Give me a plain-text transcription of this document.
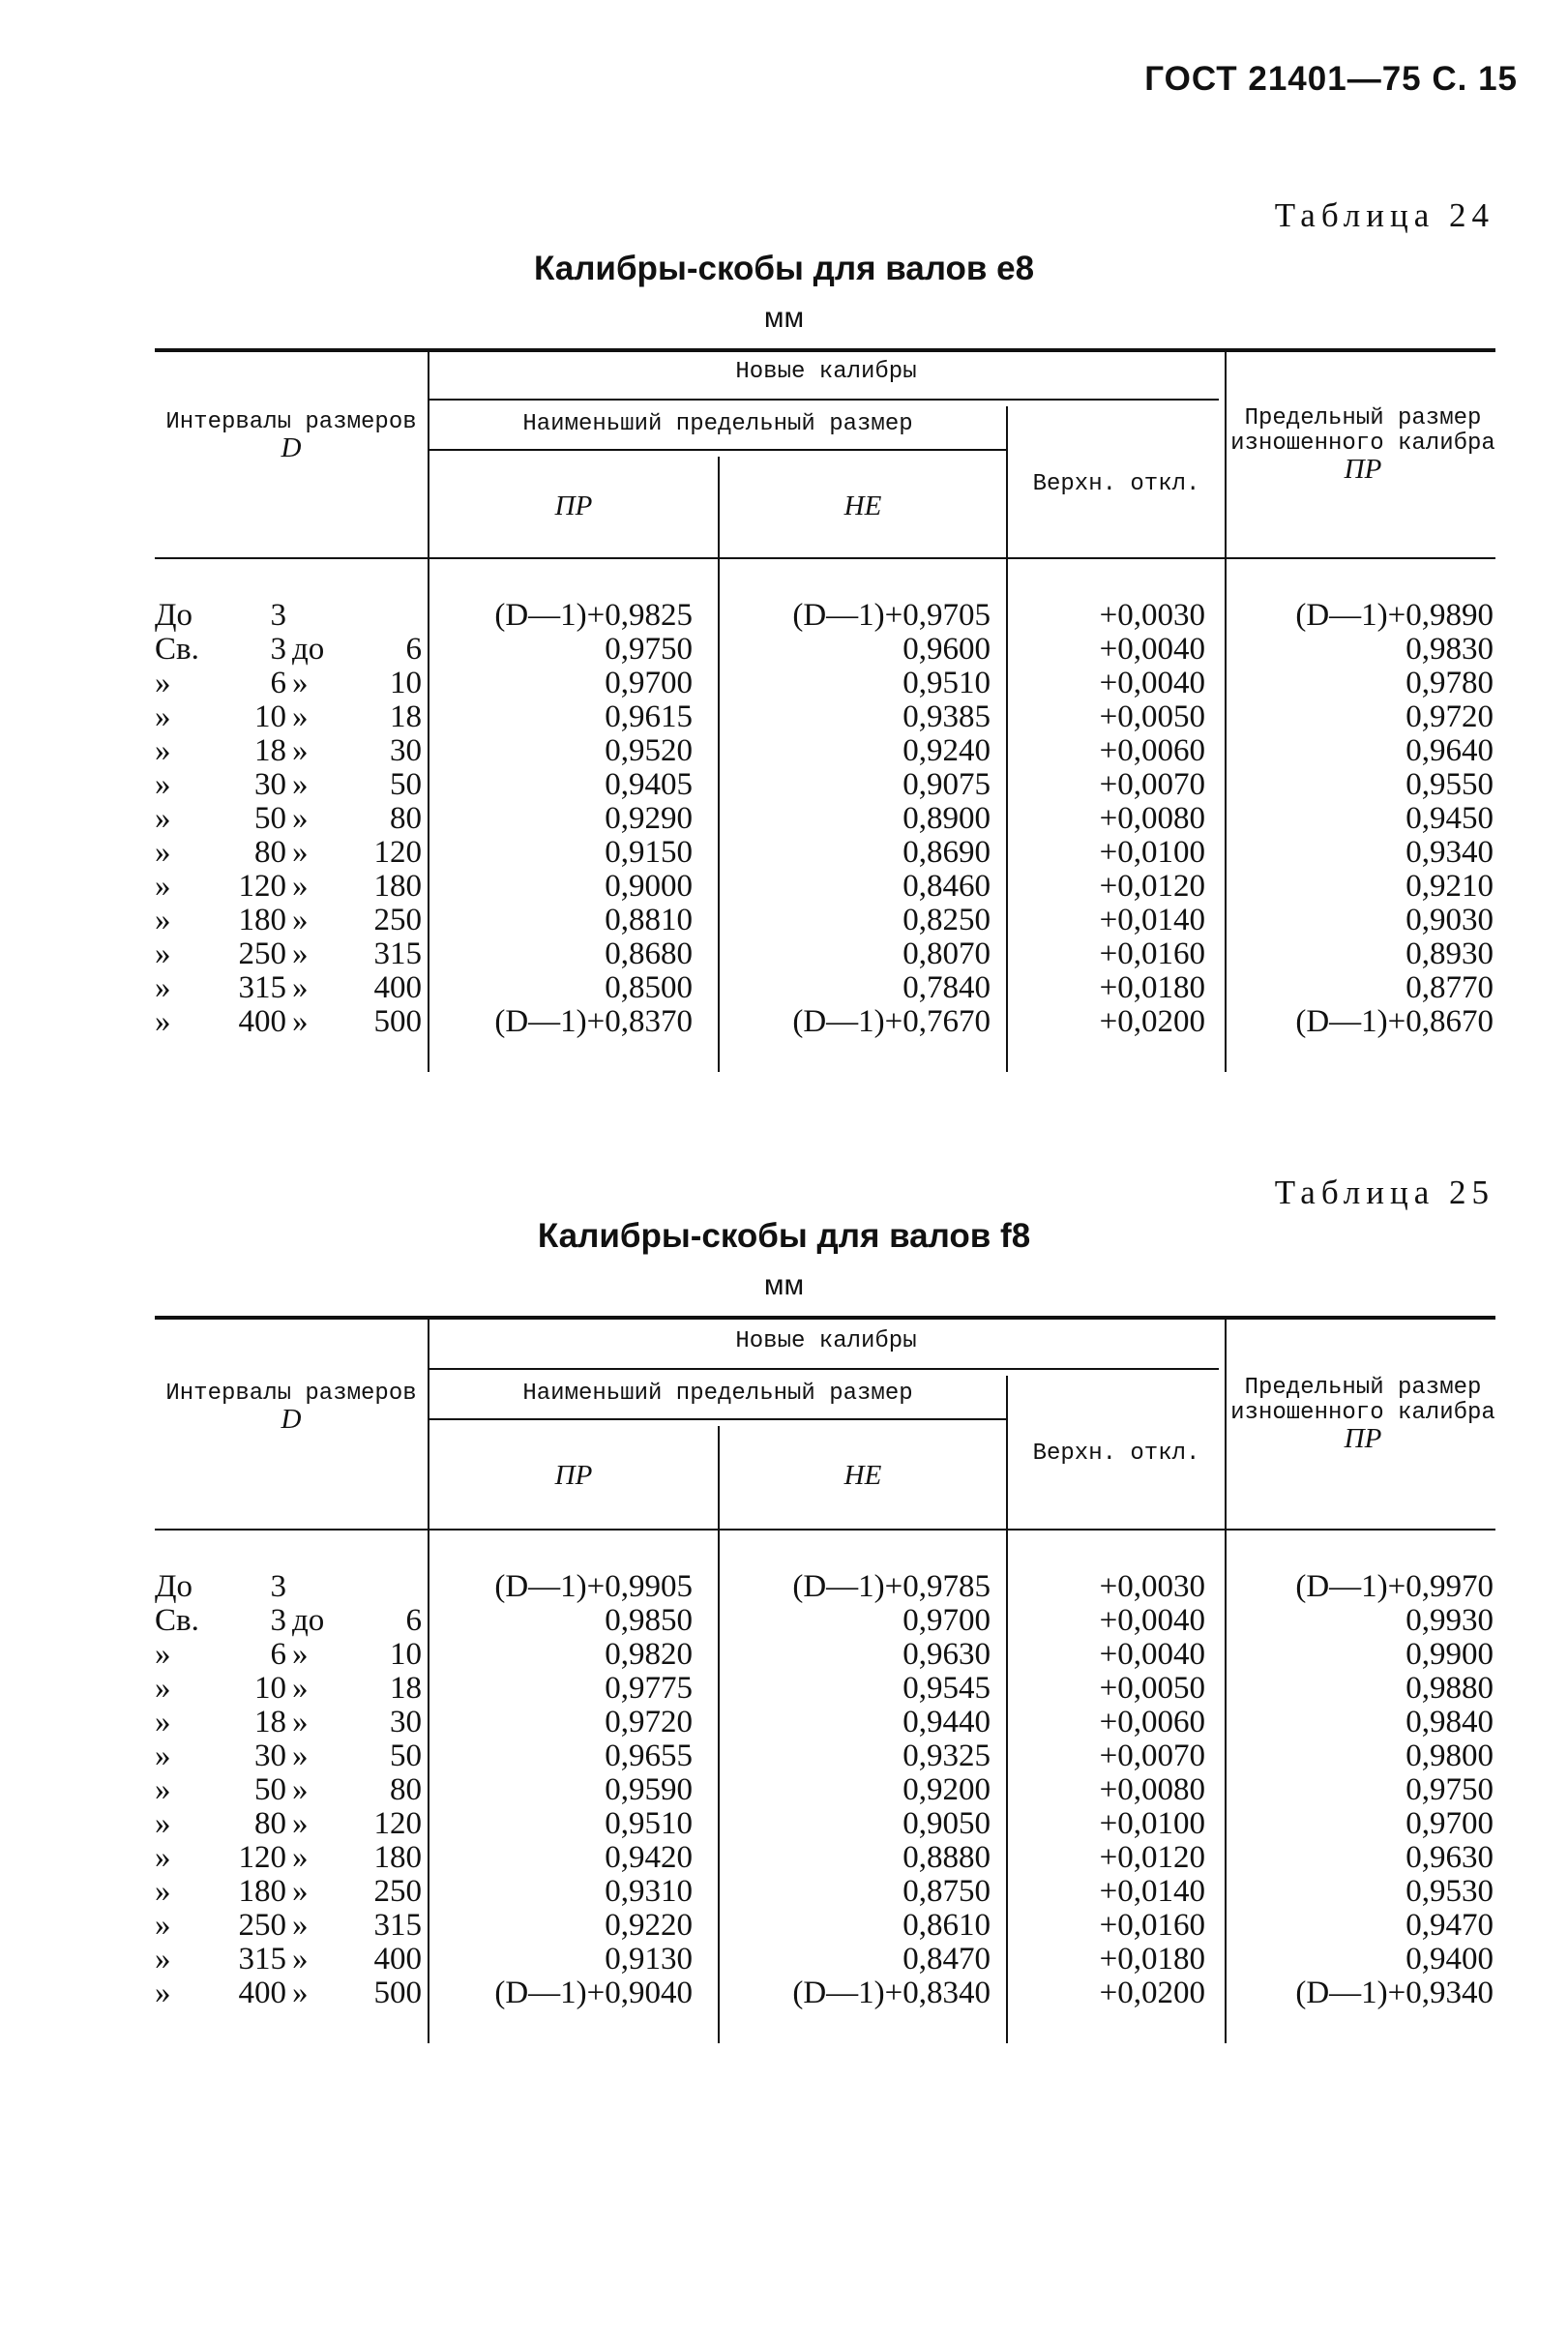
ГОСТ 21401—75 С. 15
Таблица 24
Калибры-скобы для валов е8
мм
Интервалы размеров
D
Новые калибры
Наименьший предельный размер
ПР	НЕ
Верхн. откл.
Предельный размер изношенного калибра
ПР
До	3	(D—1)+0,9825	(D—1)+0,9705	+0,0030	(D—1)+0,9890
Св.	3 до	6	0,9750	0,9600	+0,0040	0,9830
»	6 »	10	0,9700	0,9510	+0,0040	0,9780
»	10 »	18	0,9615	0,9385	+0,0050	0,9720
»	18 »	30	0,9520	0,9240	+0,0060	0,9640
»	30 »	50	0,9405	0,9075	+0,0070	0,9550
»	50 »	80	0,9290	0,8900	+0,0080	0,9450
»	80 »	120	0,9150	0,8690	+0,0100	0,9340
»	120 »	180	0,9000	0,8460	+0,0120	0,9210
»	180 »	250	0,8810	0,8250	+0,0140	0,9030
»	250 »	315	0,8680	0,8070	+0,0160	0,8930
»	315 »	400	0,8500	0,7840	+0,0180	0,8770
»	400 »	500	(D—1)+0,8370	(D—1)+0,7670	+0,0200	(D—1)+0,8670
Таблица 25
Калибры-скобы для валов f8
мм
Интервалы размеров
D
Новые калибры
Наименьший предельный размер
ПР	НЕ
Верхн. откл.
Предельный размер изношенного калибра
ПР
До	3	(D—1)+0,9905	(D—1)+0,9785	+0,0030	(D—1)+0,9970
Св.	3 до	6	0,9850	0,9700	+0,0040	0,9930
»	6 »	10	0,9820	0,9630	+0,0040	0,9900
»	10 »	18	0,9775	0,9545	+0,0050	0,9880
»	18 »	30	0,9720	0,9440	+0,0060	0,9840
»	30 »	50	0,9655	0,9325	+0,0070	0,9800
»	50 »	80	0,9590	0,9200	+0,0080	0,9750
»	80 »	120	0,9510	0,9050	+0,0100	0,9700
»	120 »	180	0,9420	0,8880	+0,0120	0,9630
»	180 »	250	0,9310	0,8750	+0,0140	0,9530
»	250 »	315	0,9220	0,8610	+0,0160	0,9470
»	315 »	400	0,9130	0,8470	+0,0180	0,9400
»	400 »	500	(D—1)+0,9040	(D—1)+0,8340	+0,0200	(D—1)+0,9340
